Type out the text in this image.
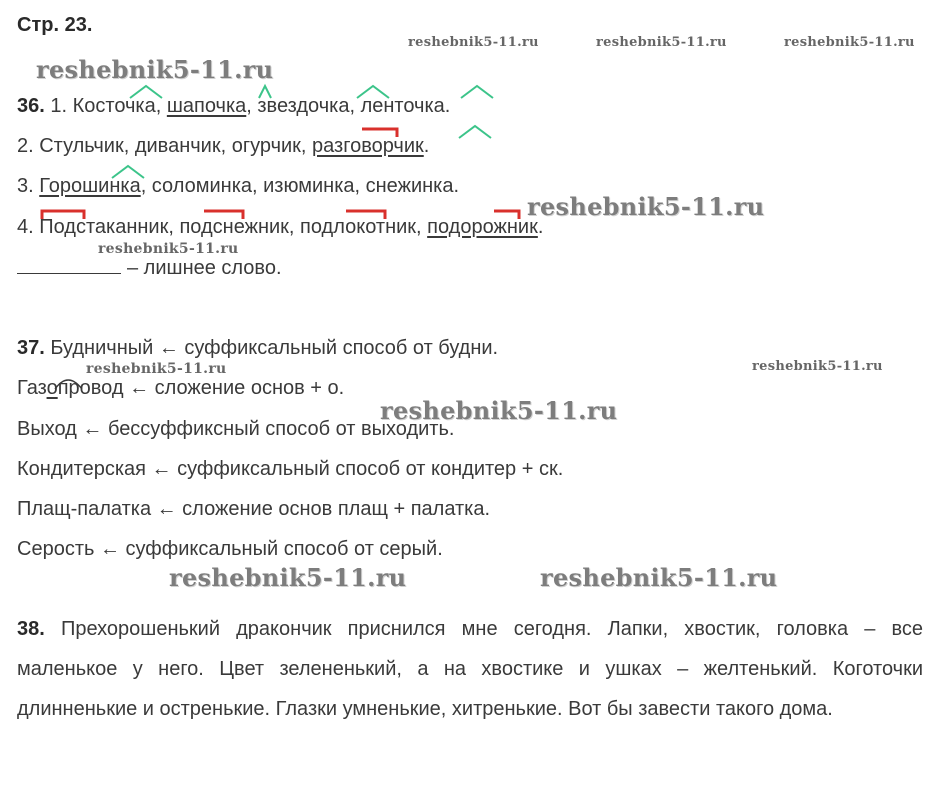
Стр. 23.
reshebnik5-11.ru	reshebnik5-11.ru	reshebnik5-11.ru
reshebnik5-11.ru
36. 1. Косточка, шапочка, звездочка, ленточка.
2. Стульчик, диванчик, огурчик, разговорчик.
3. Горошинка, соломинка, изюминка, снежинка.
4. Подстаканник, подснежник, подлокотник, подорожник.
– лишнее слово.
reshebnik5-11.ru
reshebnik5-11.ru
37. Будничный ← суффиксальный способ от будни.
reshebnik5-11.ru	reshebnik5-11.ru
Газопровод ← сложение основ + о.
reshebnik5-11.ru
Выход ← бессуффиксный способ от выходить.
Кондитерская ← суффиксальный способ от кондитер + ск.
Плащ-палатка ← сложение основ плащ + палатка.
Серость ← суффиксальный способ от серый.
reshebnik5-11.ru	reshebnik5-11.ru
38. Прехорошенький дракончик приснился мне сегодня. Лапки, хвостик, головка – все маленькое у него. Цвет зелененький, а на хвостике и ушках – желтенький. Коготочки длинненькие и остренькие. Глазки умненькие, хитренькие. Вот бы завести такого дома.
